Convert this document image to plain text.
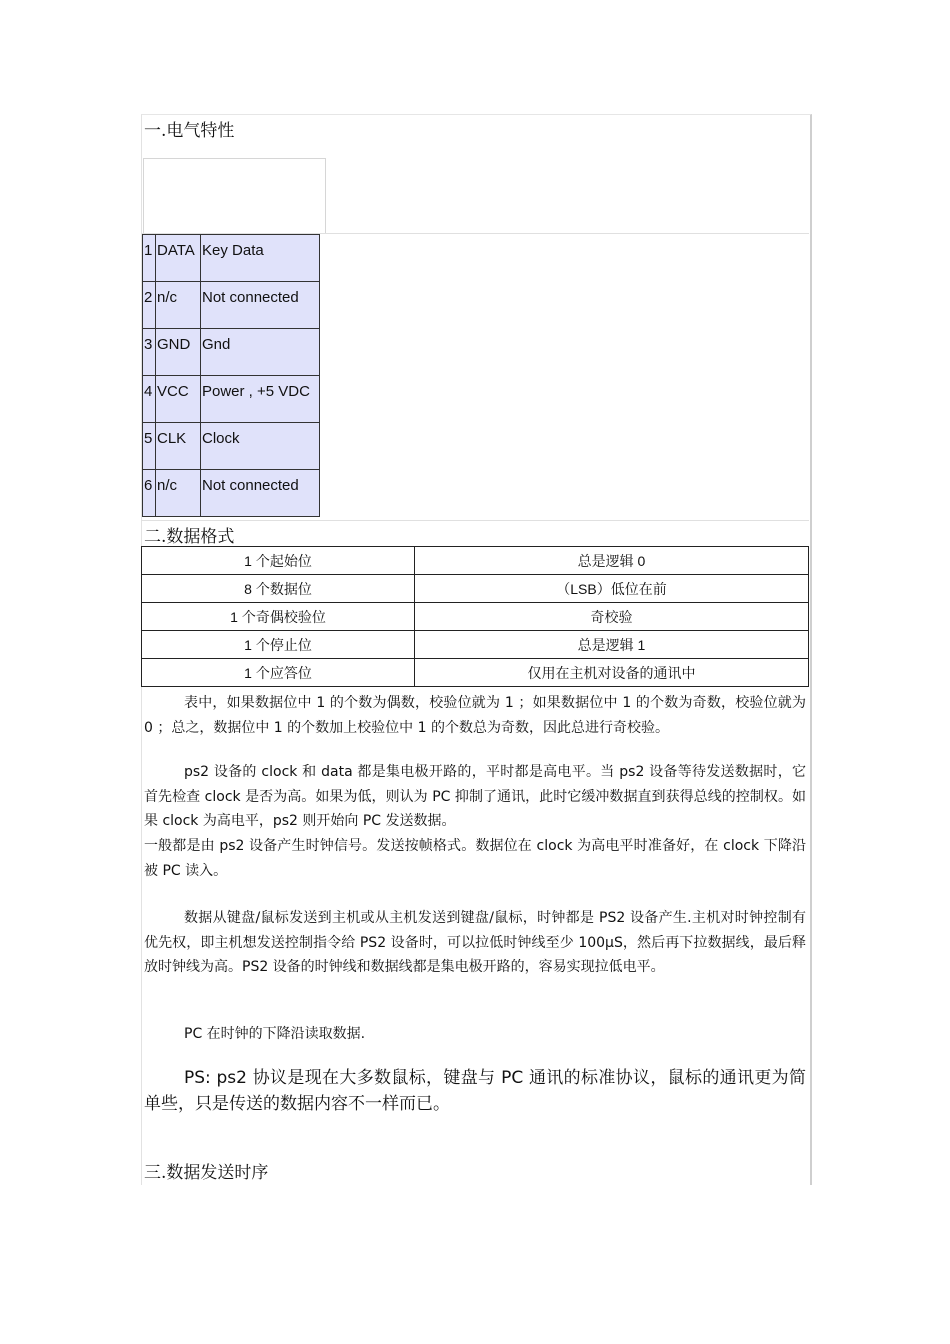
一.电气特性
1	DATA	Key Data

2	n/c	Not connected

3	GND	Gnd

4	VCC	Power , +5 VDC

5	CLK	Clock

6	n/c	Not connected
二.数据格式
1 个起始位	总是逻辑 0
8 个数据位	（LSB）低位在前
1 个奇偶校验位	奇校验
1 个停止位	总是逻辑 1
1 个应答位	仅用在主机对设备的通讯中
表中，如果数据位中 1 的个数为偶数，校验位就为 1 ；如果数据位中 1 的个数为奇数，校验位就为 0 ；总之，数据位中 1 的个数加上校验位中 1 的个数总为奇数，因此总进行奇校验。
ps2 设备的 clock 和 data 都是集电极开路的，平时都是高电平。当 ps2 设备等待发送数据时，它首先检查 clock 是否为高。如果为低，则认为 PC 抑制了通讯，此时它缓冲数据直到获得总线的控制权。如果 clock 为高电平，ps2 则开始向 PC 发送数据。
一般都是由 ps2 设备产生时钟信号。发送按帧格式。数据位在 clock 为高电平时准备好，在 clock 下降沿被 PC 读入。
数据从键盘/鼠标发送到主机或从主机发送到键盘/鼠标，时钟都是 PS2 设备产生.主机对时钟控制有优先权，即主机想发送控制指令给 PS2 设备时，可以拉低时钟线至少 100μS，然后再下拉数据线，最后释放时钟线为高。PS2 设备的时钟线和数据线都是集电极开路的，容易实现拉低电平。
PC 在时钟的下降沿读取数据.
PS: ps2 协议是现在大多数鼠标，键盘与 PC 通讯的标准协议，鼠标的通讯更为简单些，只是传送的数据内容不一样而已。
三.数据发送时序
